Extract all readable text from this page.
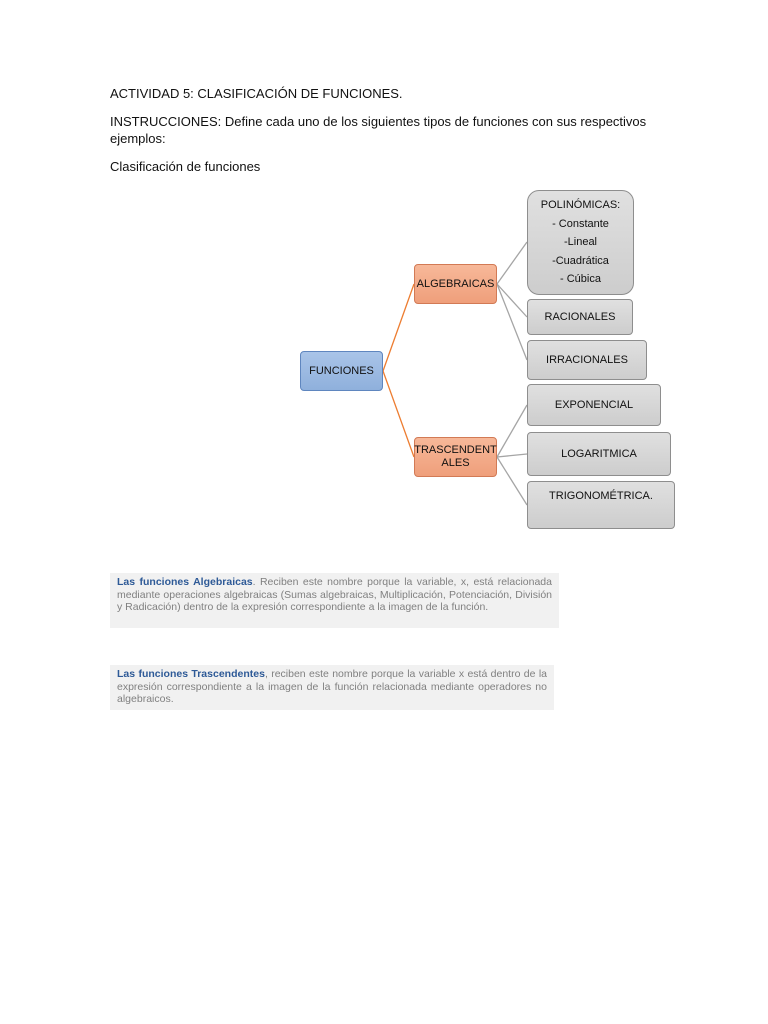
ACTIVIDAD 5: CLASIFICACIÓN DE FUNCIONES.
INSTRUCCIONES: Define cada uno de los siguientes tipos de funciones con sus respectivos ejemplos:
Clasificación de funciones
FUNCIONES
ALGEBRAICAS
TRASCENDENT
ALES
POLINÓMICAS:
- Constante
-Lineal
-Cuadrática
- Cúbica
RACIONALES
IRRACIONALES
EXPONENCIAL
LOGARITMICA
TRIGONOMÉTRICA.
Las funciones Algebraicas. Reciben este nombre porque la variable, x, está relacionada mediante operaciones algebraicas (Sumas algebraicas, Multiplicación, Potenciación, División y Radicación) dentro de la expresión correspondiente a la imagen de la función.
Las funciones Trascendentes, reciben este nombre porque la variable x está dentro de la expresión correspondiente a la imagen de la función relacionada mediante operadores no algebraicos.
